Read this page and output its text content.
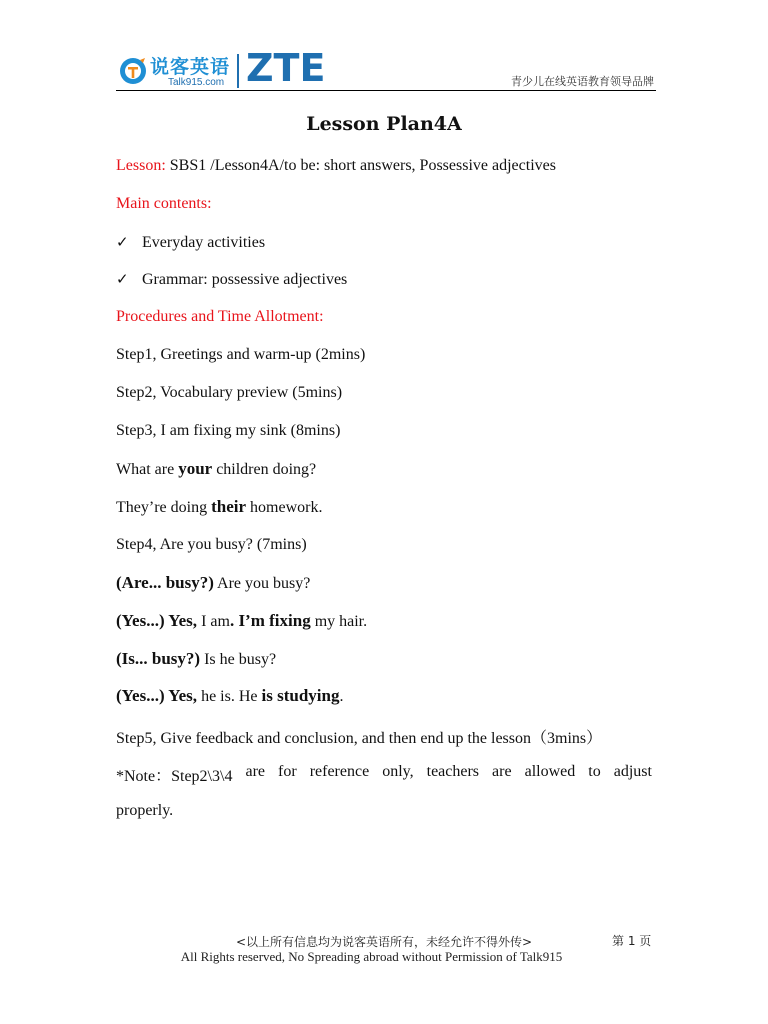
说客英语
Talk915.com ZTE	青少儿在线英语教育领导品牌
Lesson Plan4A
Lesson: SBS1 /Lesson4A/to be: short answers, Possessive adjectives
Main contents:
✓ Everyday activities
✓ Grammar: possessive adjectives
Procedures and Time Allotment:
Step1, Greetings and warm-up (2mins)
Step2, Vocabulary preview (5mins)
Step3, I am fixing my sink (8mins)
What are your children doing?
They’re doing their homework.
Step4, Are you busy? (7mins)
(Are... busy?) Are you busy?
(Yes...) Yes, I am. I’m fixing my hair.
(Is... busy?) Is he busy?
(Yes...) Yes, he is. He is studying.
Step5, Give feedback and conclusion, and then end up the lesson（3mins）
*Note：Step2\3\4 are for reference only, teachers are allowed to adjust
properly.
<以上所有信息均为说客英语所有，未经允许不得外传>
All Rights reserved, No Spreading abroad without Permission of Talk915
第 1 页
